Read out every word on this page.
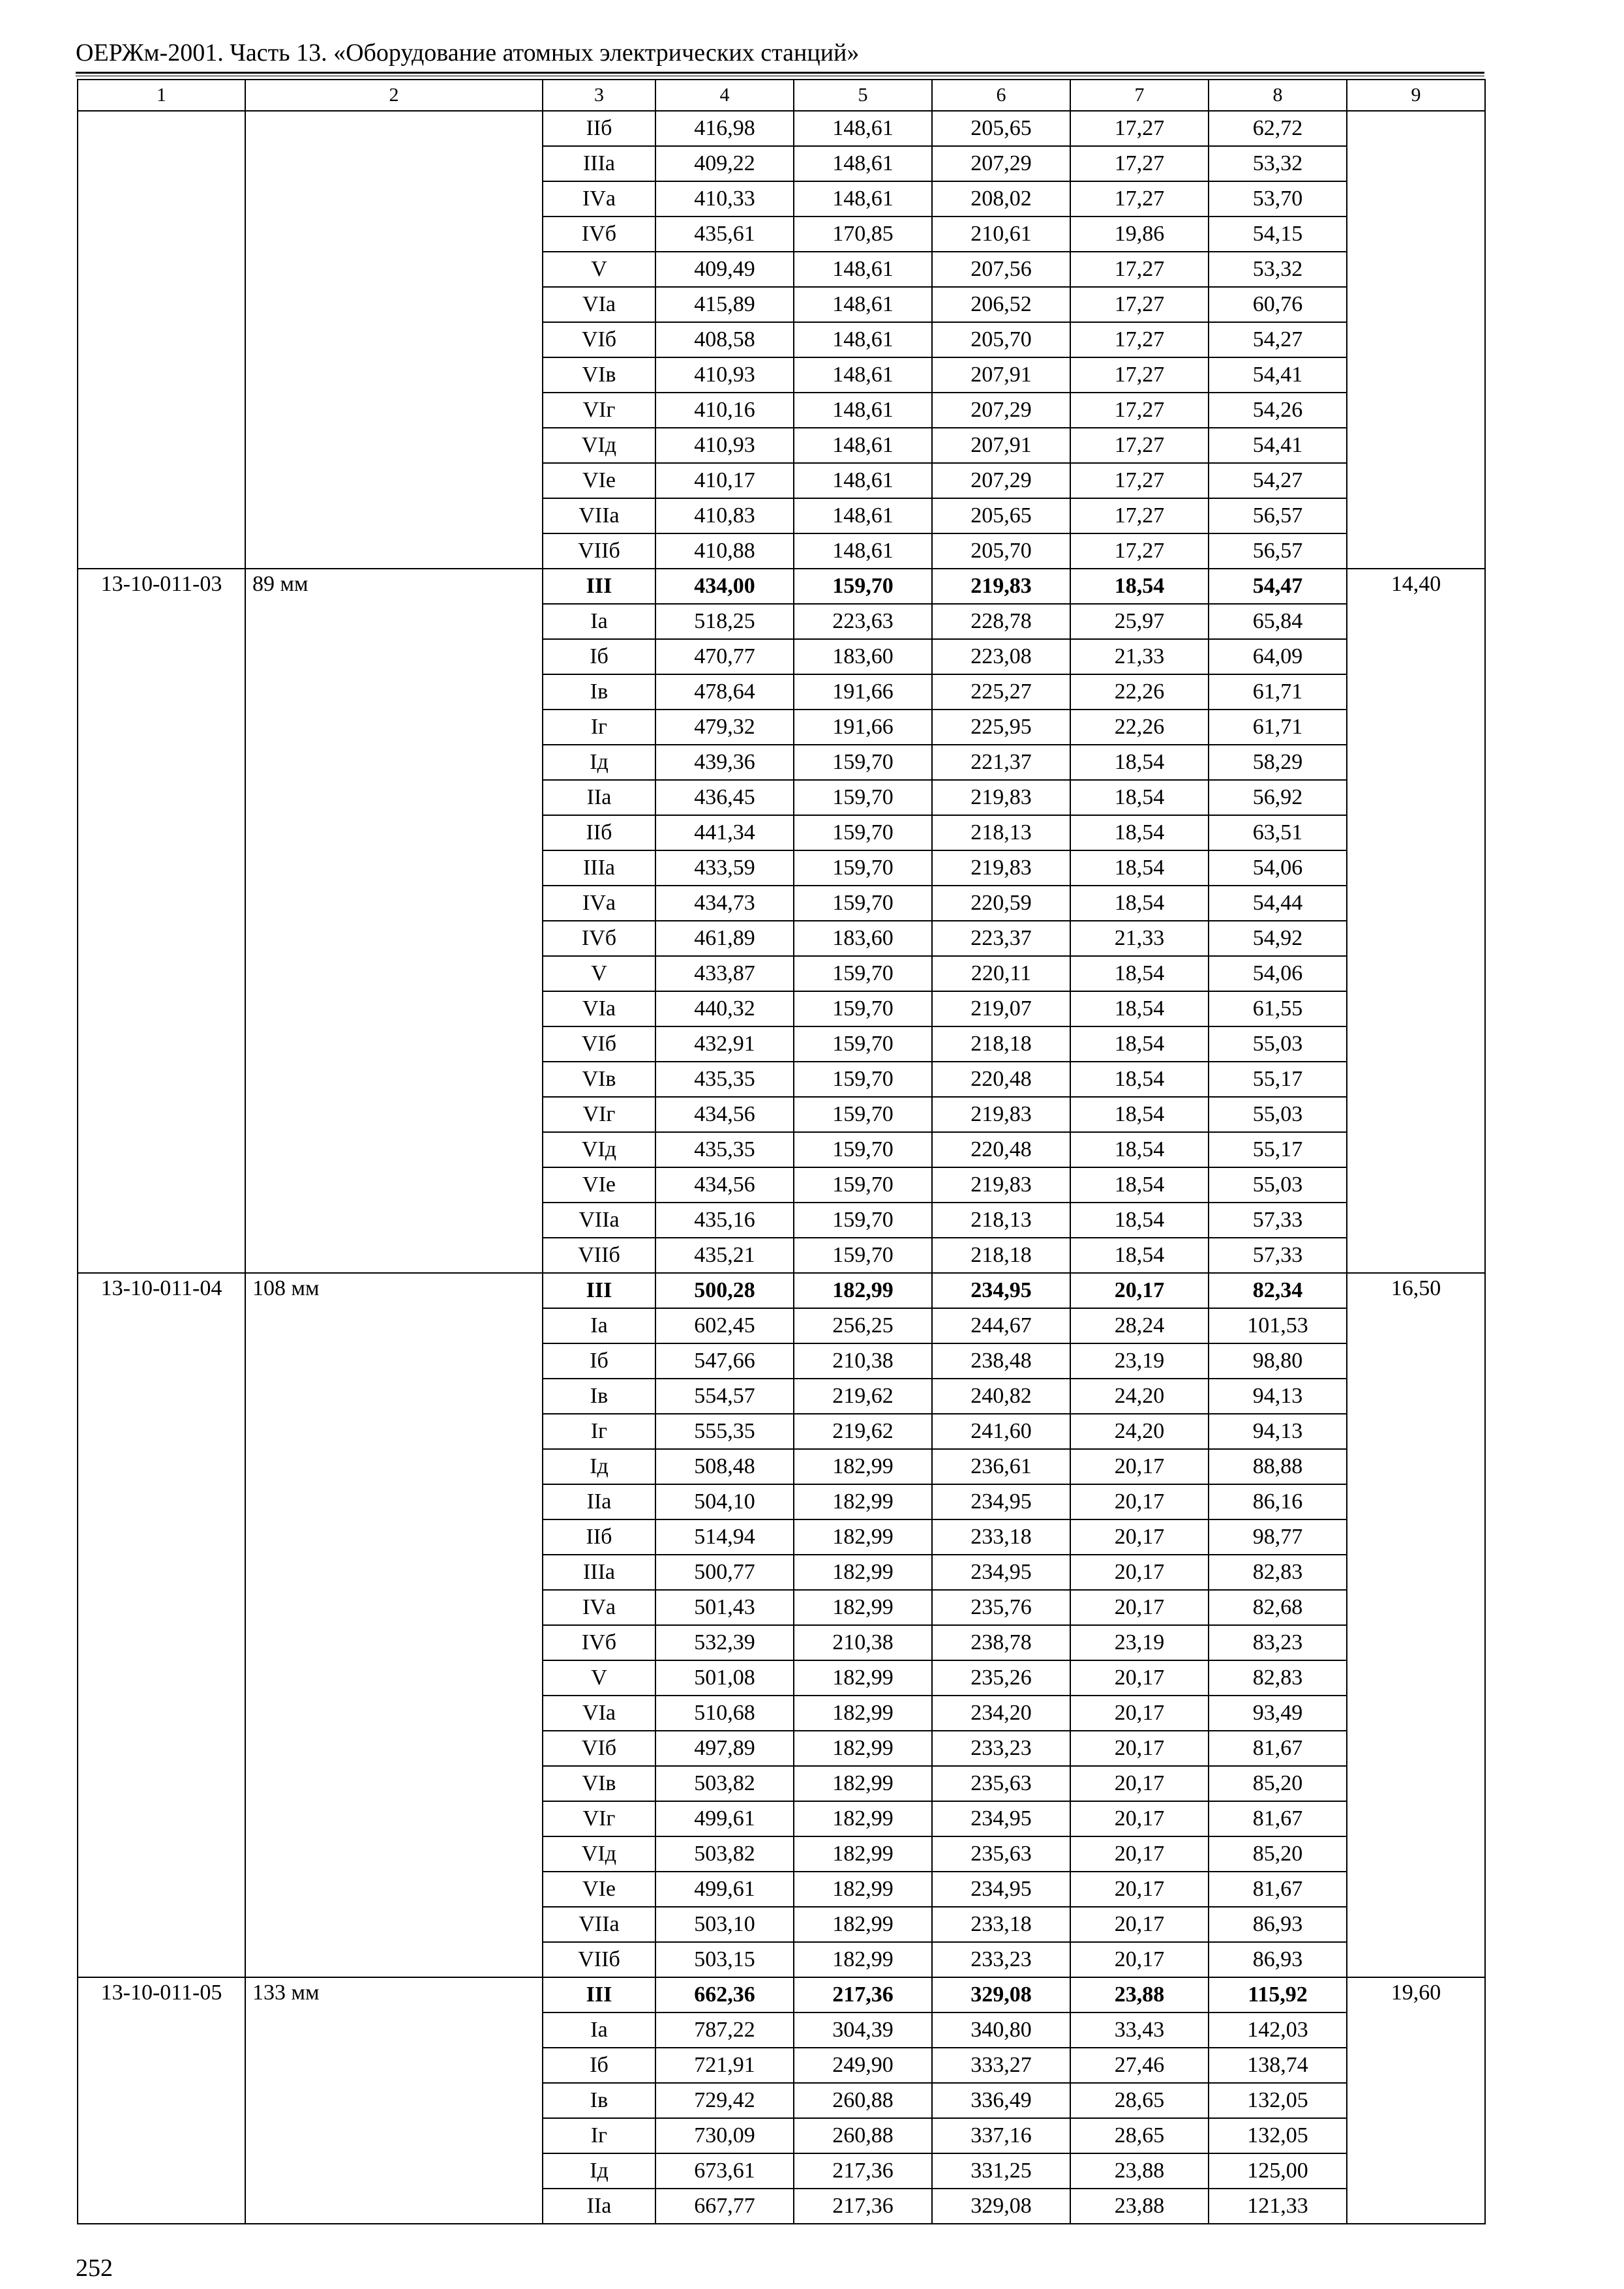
ОЕРЖм-2001. Часть 13. «Оборудование атомных электрических станций»
1	2	3	4	5	6	7	8	9
		IIб	416,98	148,61	205,65	17,27	62,72	
		IIIа	409,22	148,61	207,29	17,27	53,32	
		IVа	410,33	148,61	208,02	17,27	53,70	
		IVб	435,61	170,85	210,61	19,86	54,15	
		V	409,49	148,61	207,56	17,27	53,32	
		VIа	415,89	148,61	206,52	17,27	60,76	
		VIб	408,58	148,61	205,70	17,27	54,27	
		VIв	410,93	148,61	207,91	17,27	54,41	
		VIг	410,16	148,61	207,29	17,27	54,26	
		VIд	410,93	148,61	207,91	17,27	54,41	
		VIе	410,17	148,61	207,29	17,27	54,27	
		VIIа	410,83	148,61	205,65	17,27	56,57	
		VIIб	410,88	148,61	205,70	17,27	56,57	
13-10-011-03	89 мм	III	434,00	159,70	219,83	18,54	54,47	14,40
		Iа	518,25	223,63	228,78	25,97	65,84	
		Iб	470,77	183,60	223,08	21,33	64,09	
		Iв	478,64	191,66	225,27	22,26	61,71	
		Iг	479,32	191,66	225,95	22,26	61,71	
		Iд	439,36	159,70	221,37	18,54	58,29	
		IIа	436,45	159,70	219,83	18,54	56,92	
		IIб	441,34	159,70	218,13	18,54	63,51	
		IIIа	433,59	159,70	219,83	18,54	54,06	
		IVа	434,73	159,70	220,59	18,54	54,44	
		IVб	461,89	183,60	223,37	21,33	54,92	
		V	433,87	159,70	220,11	18,54	54,06	
		VIа	440,32	159,70	219,07	18,54	61,55	
		VIб	432,91	159,70	218,18	18,54	55,03	
		VIв	435,35	159,70	220,48	18,54	55,17	
		VIг	434,56	159,70	219,83	18,54	55,03	
		VIд	435,35	159,70	220,48	18,54	55,17	
		VIе	434,56	159,70	219,83	18,54	55,03	
		VIIа	435,16	159,70	218,13	18,54	57,33	
		VIIб	435,21	159,70	218,18	18,54	57,33	
13-10-011-04	108 мм	III	500,28	182,99	234,95	20,17	82,34	16,50
		Iа	602,45	256,25	244,67	28,24	101,53	
		Iб	547,66	210,38	238,48	23,19	98,80	
		Iв	554,57	219,62	240,82	24,20	94,13	
		Iг	555,35	219,62	241,60	24,20	94,13	
		Iд	508,48	182,99	236,61	20,17	88,88	
		IIа	504,10	182,99	234,95	20,17	86,16	
		IIб	514,94	182,99	233,18	20,17	98,77	
		IIIа	500,77	182,99	234,95	20,17	82,83	
		IVа	501,43	182,99	235,76	20,17	82,68	
		IVб	532,39	210,38	238,78	23,19	83,23	
		V	501,08	182,99	235,26	20,17	82,83	
		VIа	510,68	182,99	234,20	20,17	93,49	
		VIб	497,89	182,99	233,23	20,17	81,67	
		VIв	503,82	182,99	235,63	20,17	85,20	
		VIг	499,61	182,99	234,95	20,17	81,67	
		VIд	503,82	182,99	235,63	20,17	85,20	
		VIе	499,61	182,99	234,95	20,17	81,67	
		VIIа	503,10	182,99	233,18	20,17	86,93	
		VIIб	503,15	182,99	233,23	20,17	86,93	
13-10-011-05	133 мм	III	662,36	217,36	329,08	23,88	115,92	19,60
		Iа	787,22	304,39	340,80	33,43	142,03	
		Iб	721,91	249,90	333,27	27,46	138,74	
		Iв	729,42	260,88	336,49	28,65	132,05	
		Iг	730,09	260,88	337,16	28,65	132,05	
		Iд	673,61	217,36	331,25	23,88	125,00	
		IIа	667,77	217,36	329,08	23,88	121,33	
252
